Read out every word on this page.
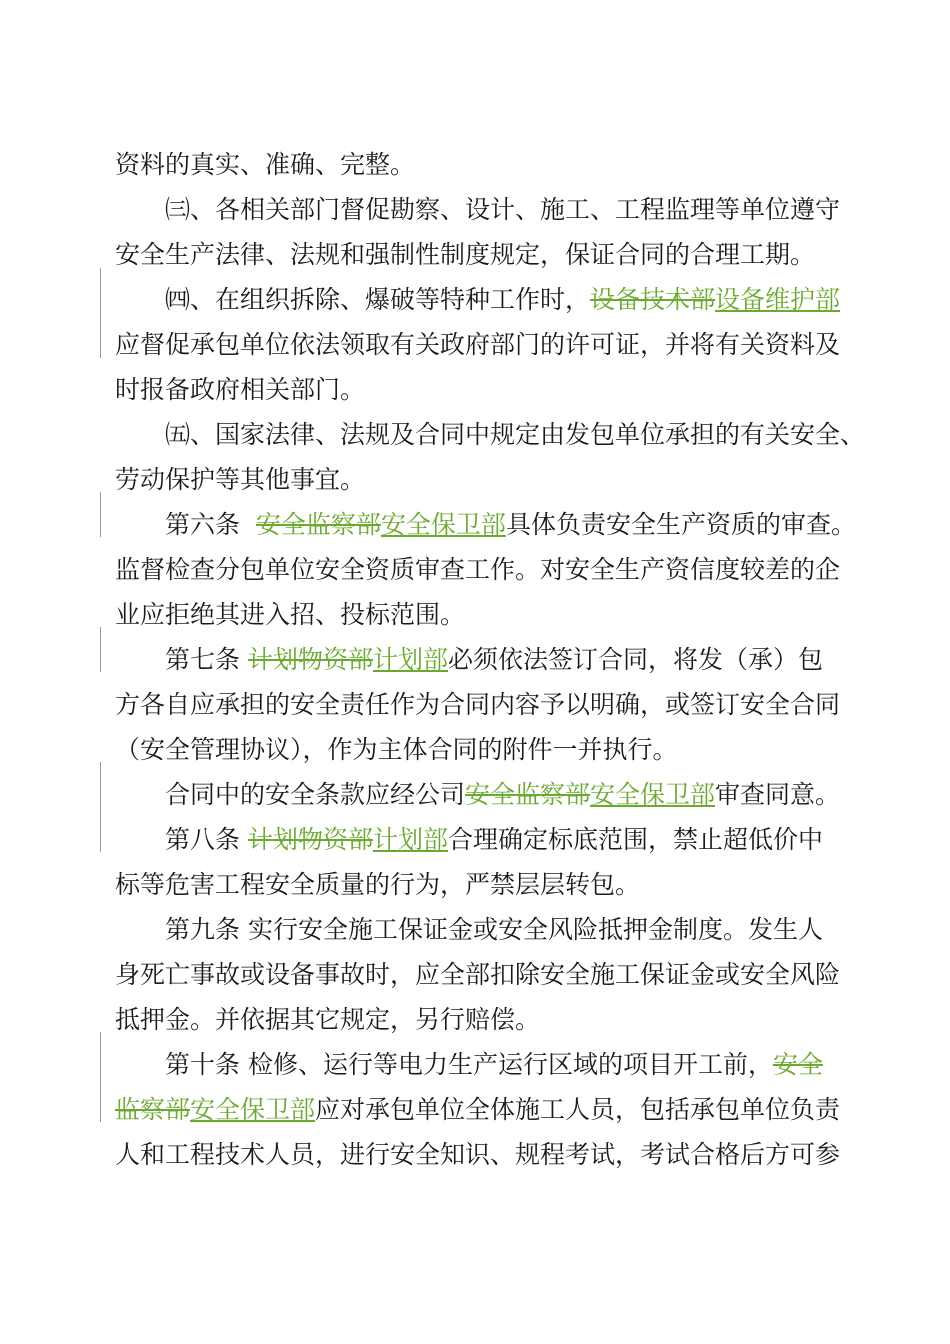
资料的真实、准确、完整。

㈢、各相关部门督促勘察、设计、施工、工程监理等单位遵守
安全生产法律、法规和强制性制度规定，保证合同的合理工期。

㈣、在组织拆除、爆破等特种工作时，设备技术部设备维护部
应督促承包单位依法领取有关政府部门的许可证，并将有关资料及
时报备政府相关部门。

㈤、国家法律、法规及合同中规定由发包单位承担的有关安全、
劳动保护等其他事宜。

第六条  安全监察部安全保卫部具体负责安全生产资质的审查。
监督检查分包单位安全资质审查工作。对安全生产资信度较差的企
业应拒绝其进入招、投标范围。

第七条 计划物资部计划部必须依法签订合同，将发（承）包
方各自应承担的安全责任作为合同内容予以明确，或签订安全合同
（安全管理协议），作为主体合同的附件一并执行。

合同中的安全条款应经公司安全监察部安全保卫部审查同意。

第八条 计划物资部计划部合理确定标底范围，禁止超低价中
标等危害工程安全质量的行为，严禁层层转包。

第九条 实行安全施工保证金或安全风险抵押金制度。发生人
身死亡事故或设备事故时，应全部扣除安全施工保证金或安全风险
抵押金。并依据其它规定，另行赔偿。

第十条 检修、运行等电力生产运行区域的项目开工前，安全
监察部安全保卫部应对承包单位全体施工人员，包括承包单位负责
人和工程技术人员，进行安全知识、规程考试，考试合格后方可参
